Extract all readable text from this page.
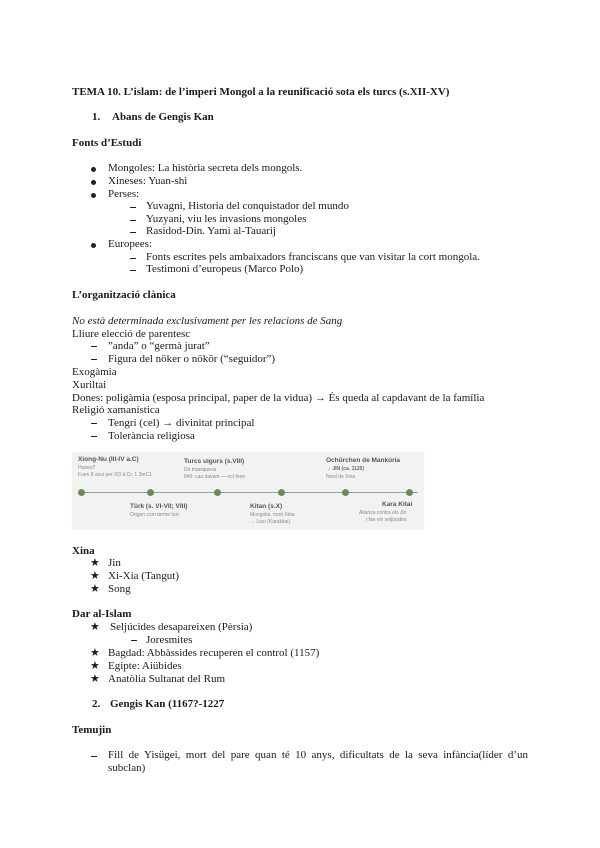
TEMA 10. L’islam: de l’imperi Mongol a la reunificació sota els turcs (s.XII-XV)
1. Abans de Gengis Kan
Fonts d’Estudi
Mongoles: La història secreta dels mongols.
Xineses: Yuan-shi
Perses:
Yuvagni, Historia del conquistador del mundo
Yuzyani, viu les invasions mongoles
Rasidod-Din. Yami al-Tauarij
Europees:
Fonts escrites pels ambaixadors franciscans que van visitar la cort mongola.
Testimoni d’europeus (Marco Polo)
L’organització clànica
No està determinada exclusivament per les relacions de Sang
Lliure elecció de parentesc
”anda” o “germà jurat”
Figura del nöker o nökör (“seguidor”)
Exogàmia
Xuriltai
Dones: poligàmia (esposa principal, paper de la vidua) → És queda al capdavant de la família
Religió xamanística
Tengri (cel) → divinitat principal
Tolerància religiosa
Xiong-Nu (III-IV a.C)
Hunes?
Fuen 8 avui per 2/3 d.Cr. 1 3mC1
Turcs uigurs (s.VIII)
De maniqueus
840: cau davant — ect feen
Ochürchen de Mankúria
→ JIN (ca. 1120)
Nord de Xina
Türk (s. VI-VII; VIII)
Origen com terme turc
Kitan (s.X)
Mongolia, nord Xina
→ Liao (Karakitai)
Kara Kitai
Alianza contra els Jin
i fan els seljúcides
Xina
★ Jin
★ Xi-Xia (Tangut)
★ Song
Dar al-Islam
★ Seljúcides desapareixen (Pèrsia)
Joresmites
★ Bagdad: Abbàssides recuperen el control (1157)
★ Egipte: Aiübides
★ Anatòlia Sultanat del Rum
2. Gengis Kan (1167?-1227
Temujin
Fill de Yisügei, mort del pare quan té 10 anys, dificultats de la seva infància(líder d’un
subclan)
